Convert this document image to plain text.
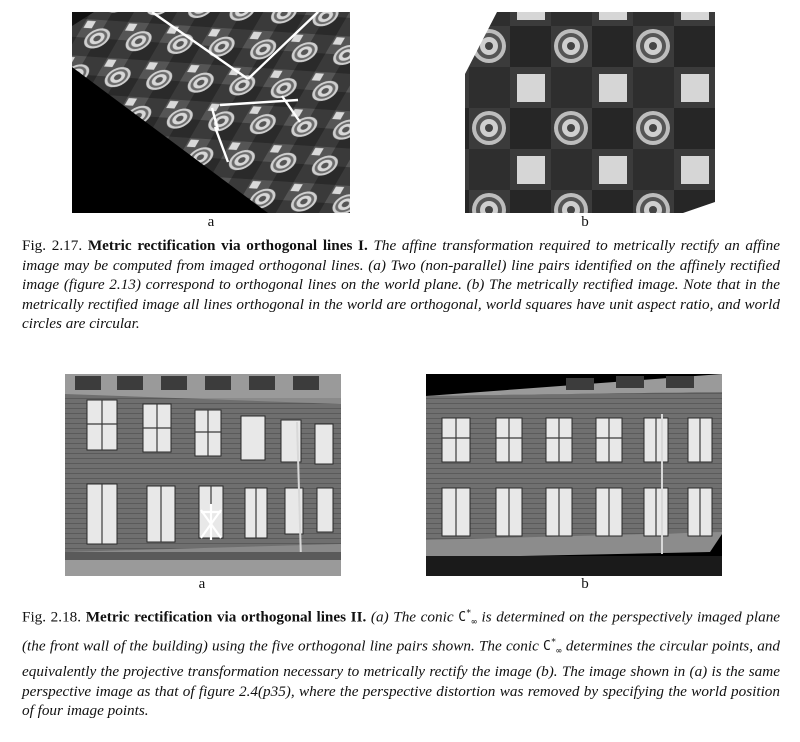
a	b
Fig. 2.17. Metric rectification via orthogonal lines I. The affine transformation required to metrically rectify an affine image may be computed from imaged orthogonal lines. (a) Two (non-parallel) line pairs identified on the affinely rectified image (figure 2.13) correspond to orthogonal lines on the world plane. (b) The metrically rectified image. Note that in the metrically rectified image all lines orthogonal in the world are orthogonal, world squares have unit aspect ratio, and world circles are circular.
a	b
Fig. 2.18. Metric rectification via orthogonal lines II. (a) The conic $C^*_\infty$ is determined on the perspectively imaged plane (the front wall of the building) using the five orthogonal line pairs shown. The conic $C^*_\infty$ determines the circular points, and equivalently the projective transformation necessary to metrically rectify the image (b). The image shown in (a) is the same perspective image as that of figure 2.4(p35), where the perspective distortion was removed by specifying the world position of four image points.
